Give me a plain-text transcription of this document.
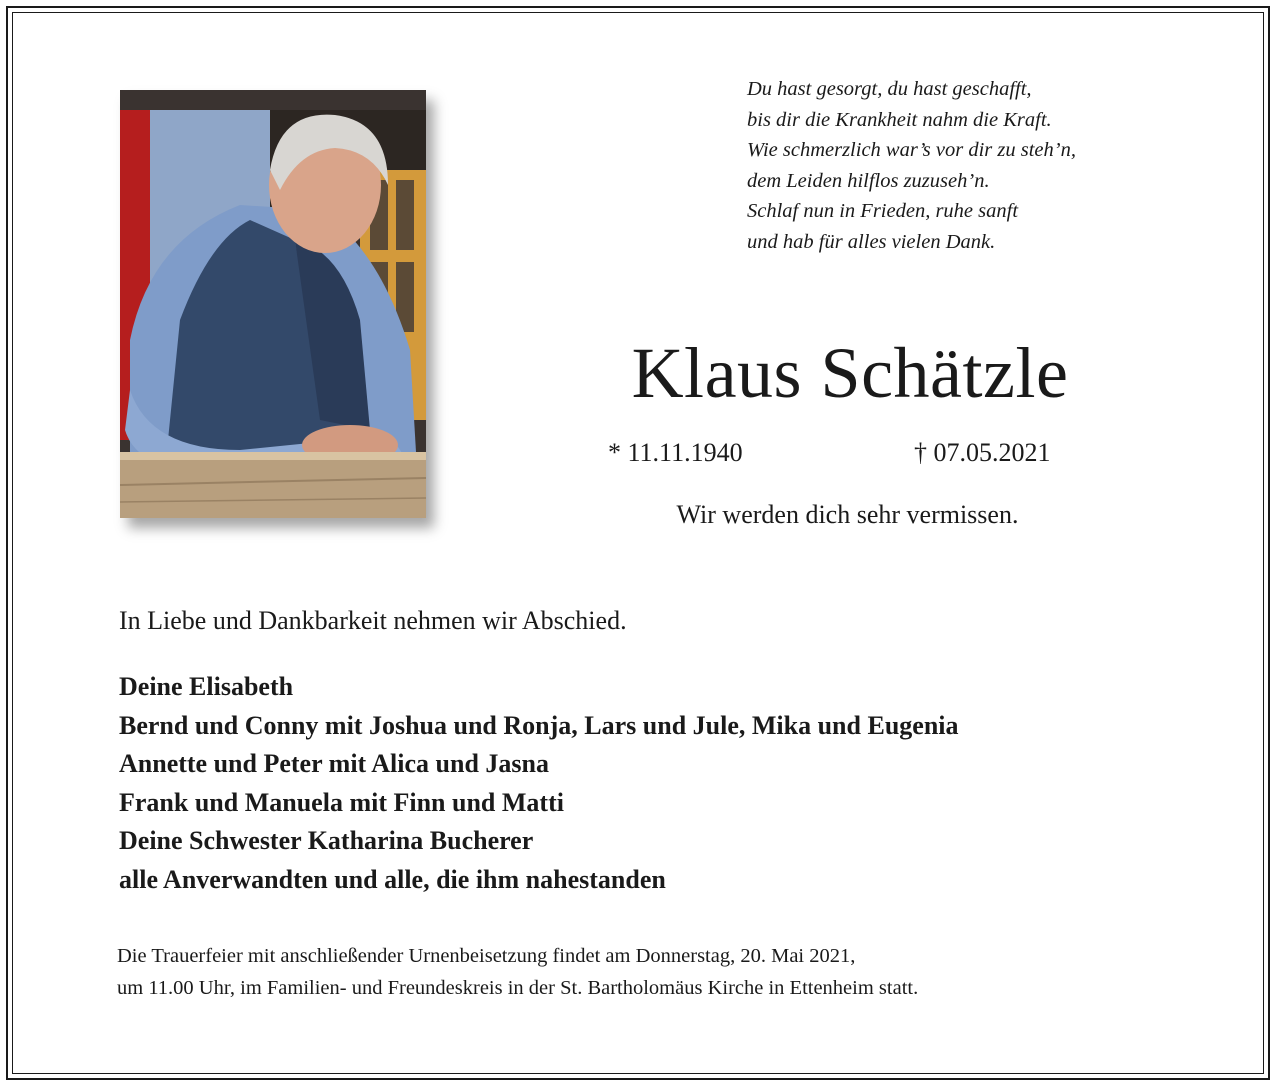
Du hast gesorgt, du hast geschafft,
bis dir die Krankheit nahm die Kraft.
Wie schmerzlich war’s vor dir zu steh’n,
dem Leiden hilflos zuzuseh’n.
Schlaf nun in Frieden, ruhe sanft
und hab für alles vielen Dank.

Klaus Schätzle
* 11.11.1940	† 07.05.2021
Wir werden dich sehr vermissen.
In Liebe und Dankbarkeit nehmen wir Abschied.

Deine Elisabeth
Bernd und Conny mit Joshua und Ronja, Lars und Jule, Mika und Eugenia
Annette und Peter mit Alica und Jasna
Frank und Manuela mit Finn und Matti
Deine Schwester Katharina Bucherer
alle Anverwandten und alle, die ihm nahestanden

Die Trauerfeier mit anschließender Urnenbeisetzung findet am Donnerstag, 20. Mai 2021,
um 11.00 Uhr, im Familien- und Freundeskreis in der St. Bartholomäus Kirche in Ettenheim statt.
